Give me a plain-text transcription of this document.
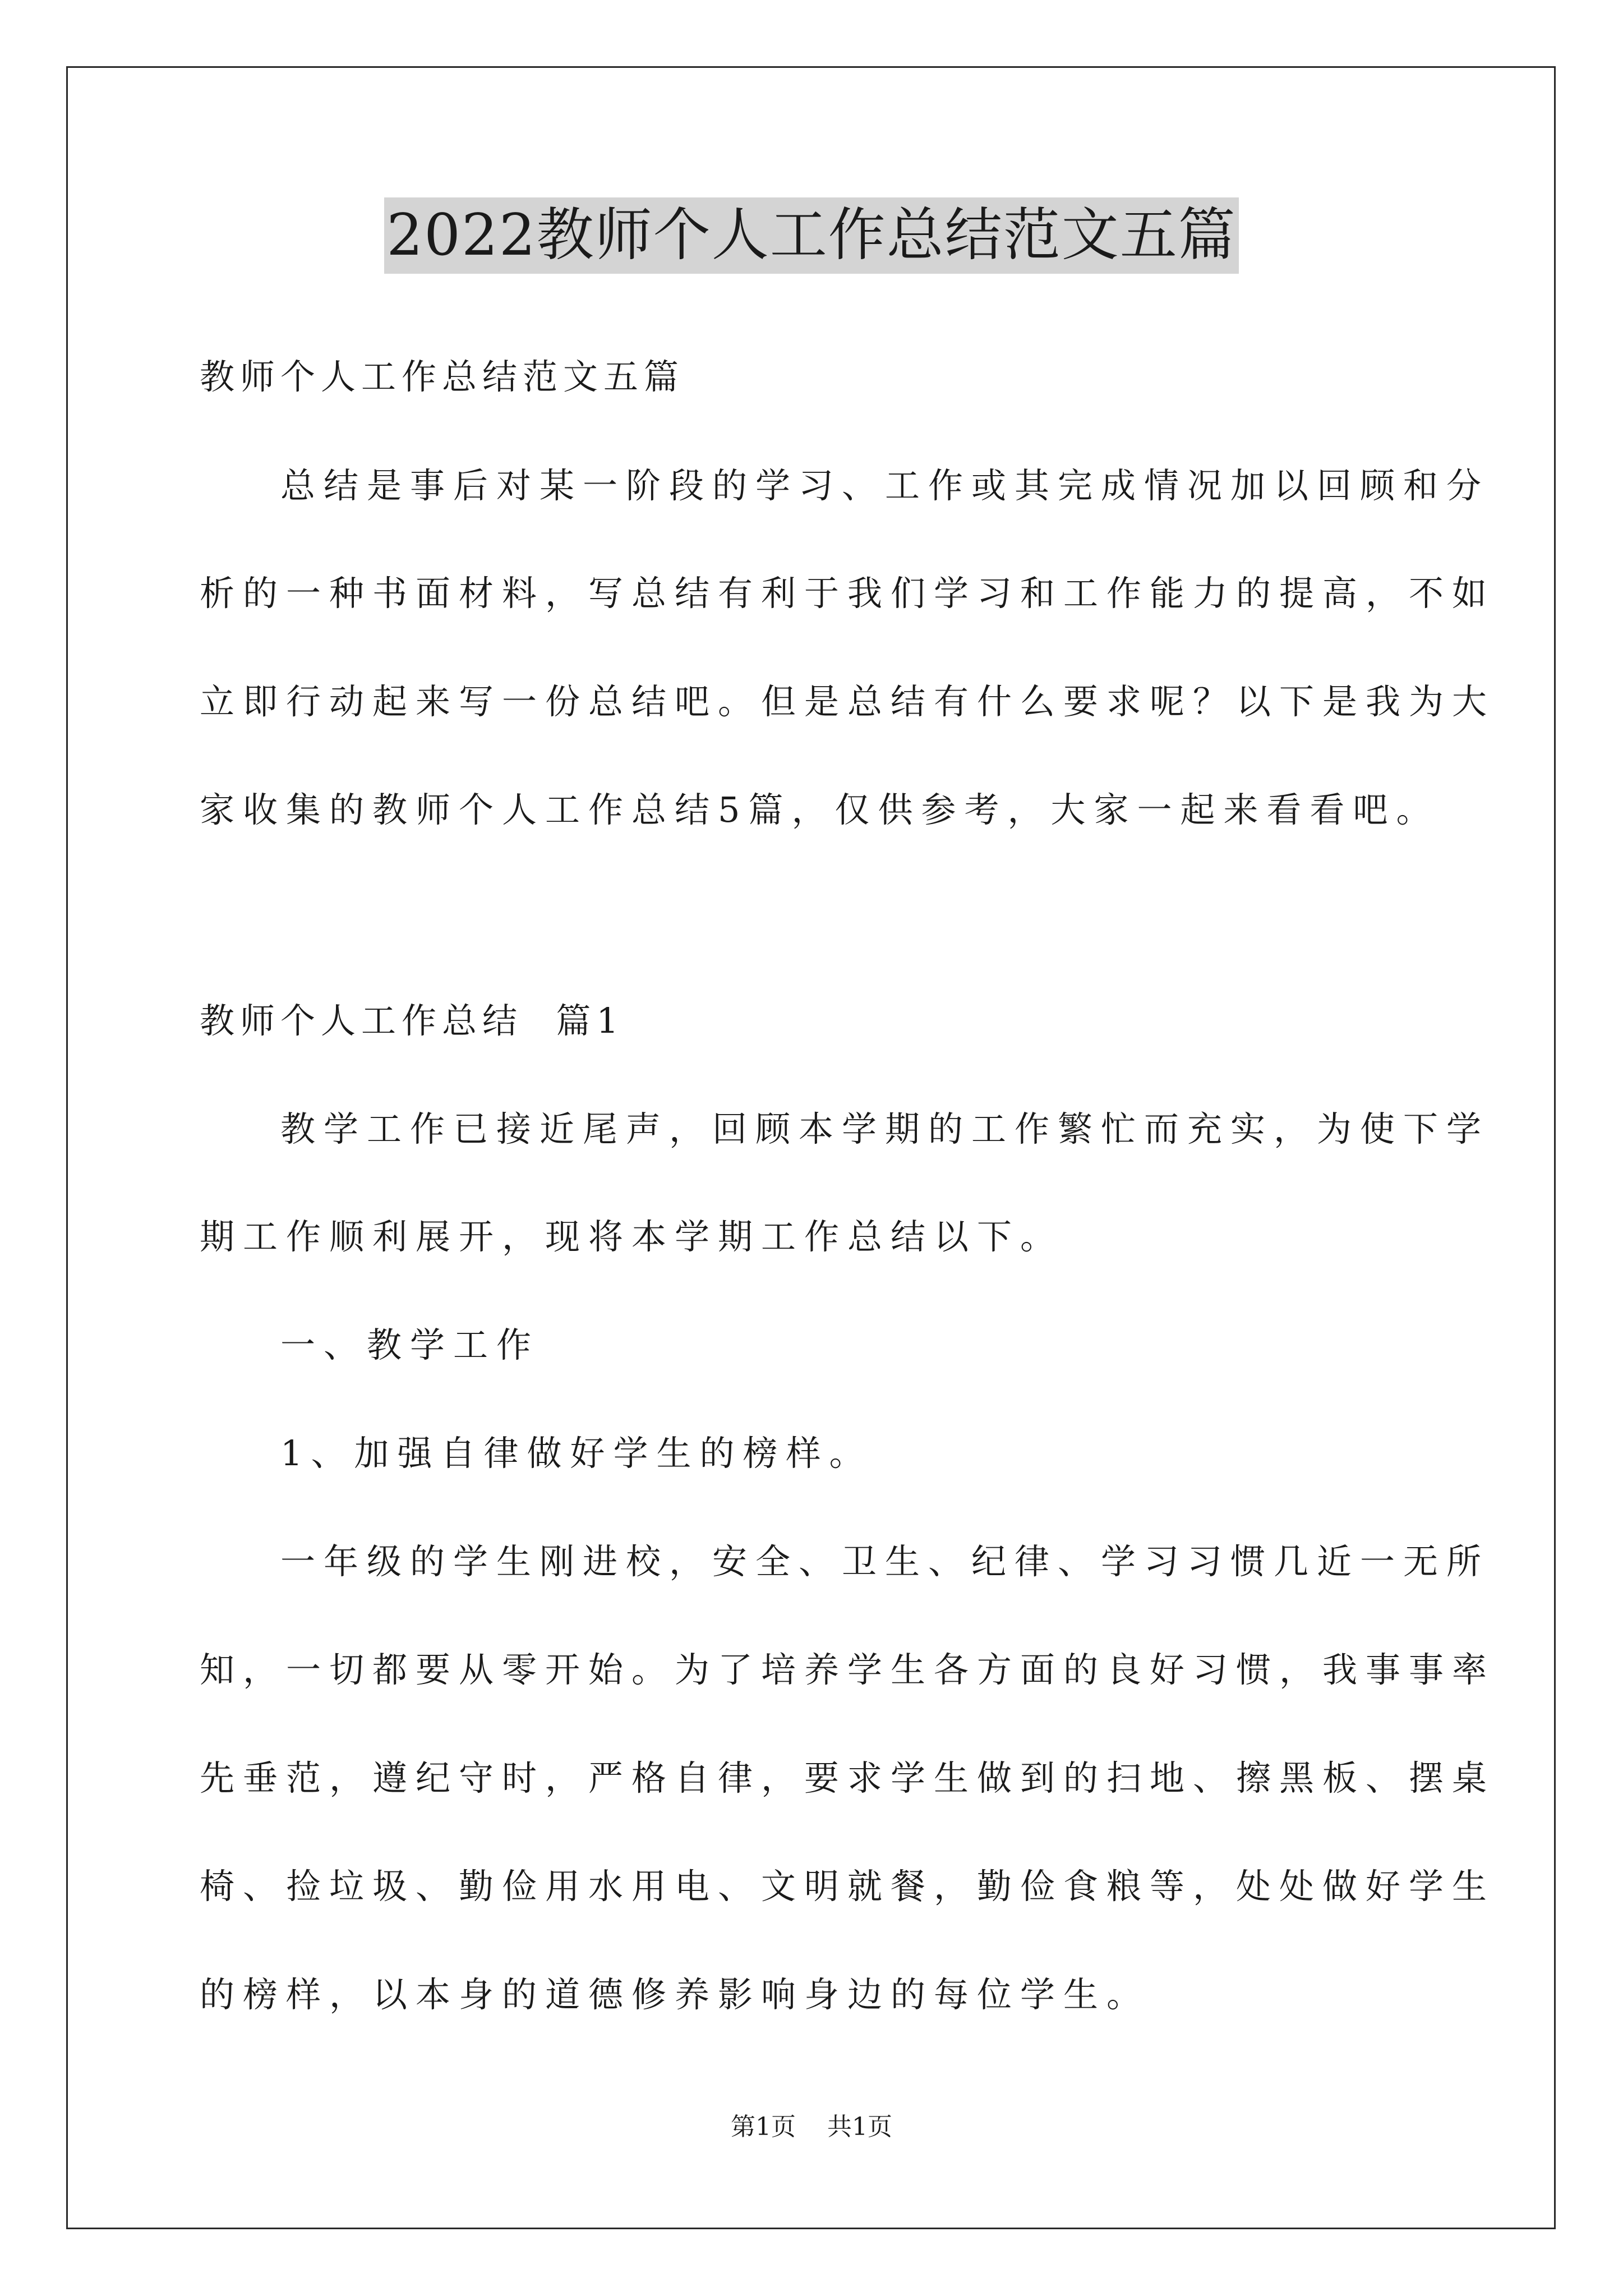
2022教师个人工作总结范文五篇
教师个人工作总结范文五篇
总结是事后对某一阶段的学习、工作或其完成情况加以回顾和分
析的一种书面材料，写总结有利于我们学习和工作能力的提高，不如
立即行动起来写一份总结吧。但是总结有什么要求呢？以下是我为大
家收集的教师个人工作总结5篇，仅供参考，大家一起来看看吧。
教师个人工作总结  篇1
教学工作已接近尾声，回顾本学期的工作繁忙而充实，为使下学
期工作顺利展开，现将本学期工作总结以下。
一、教学工作
1、加强自律做好学生的榜样。
一年级的学生刚进校，安全、卫生、纪律、学习习惯几近一无所
知，一切都要从零开始。为了培养学生各方面的良好习惯，我事事率
先垂范，遵纪守时，严格自律，要求学生做到的扫地、擦黑板、摆桌
椅、捡垃圾、勤俭用水用电、文明就餐，勤俭食粮等，处处做好学生
的榜样，以本身的道德修养影响身边的每位学生。
第1页 共1页
